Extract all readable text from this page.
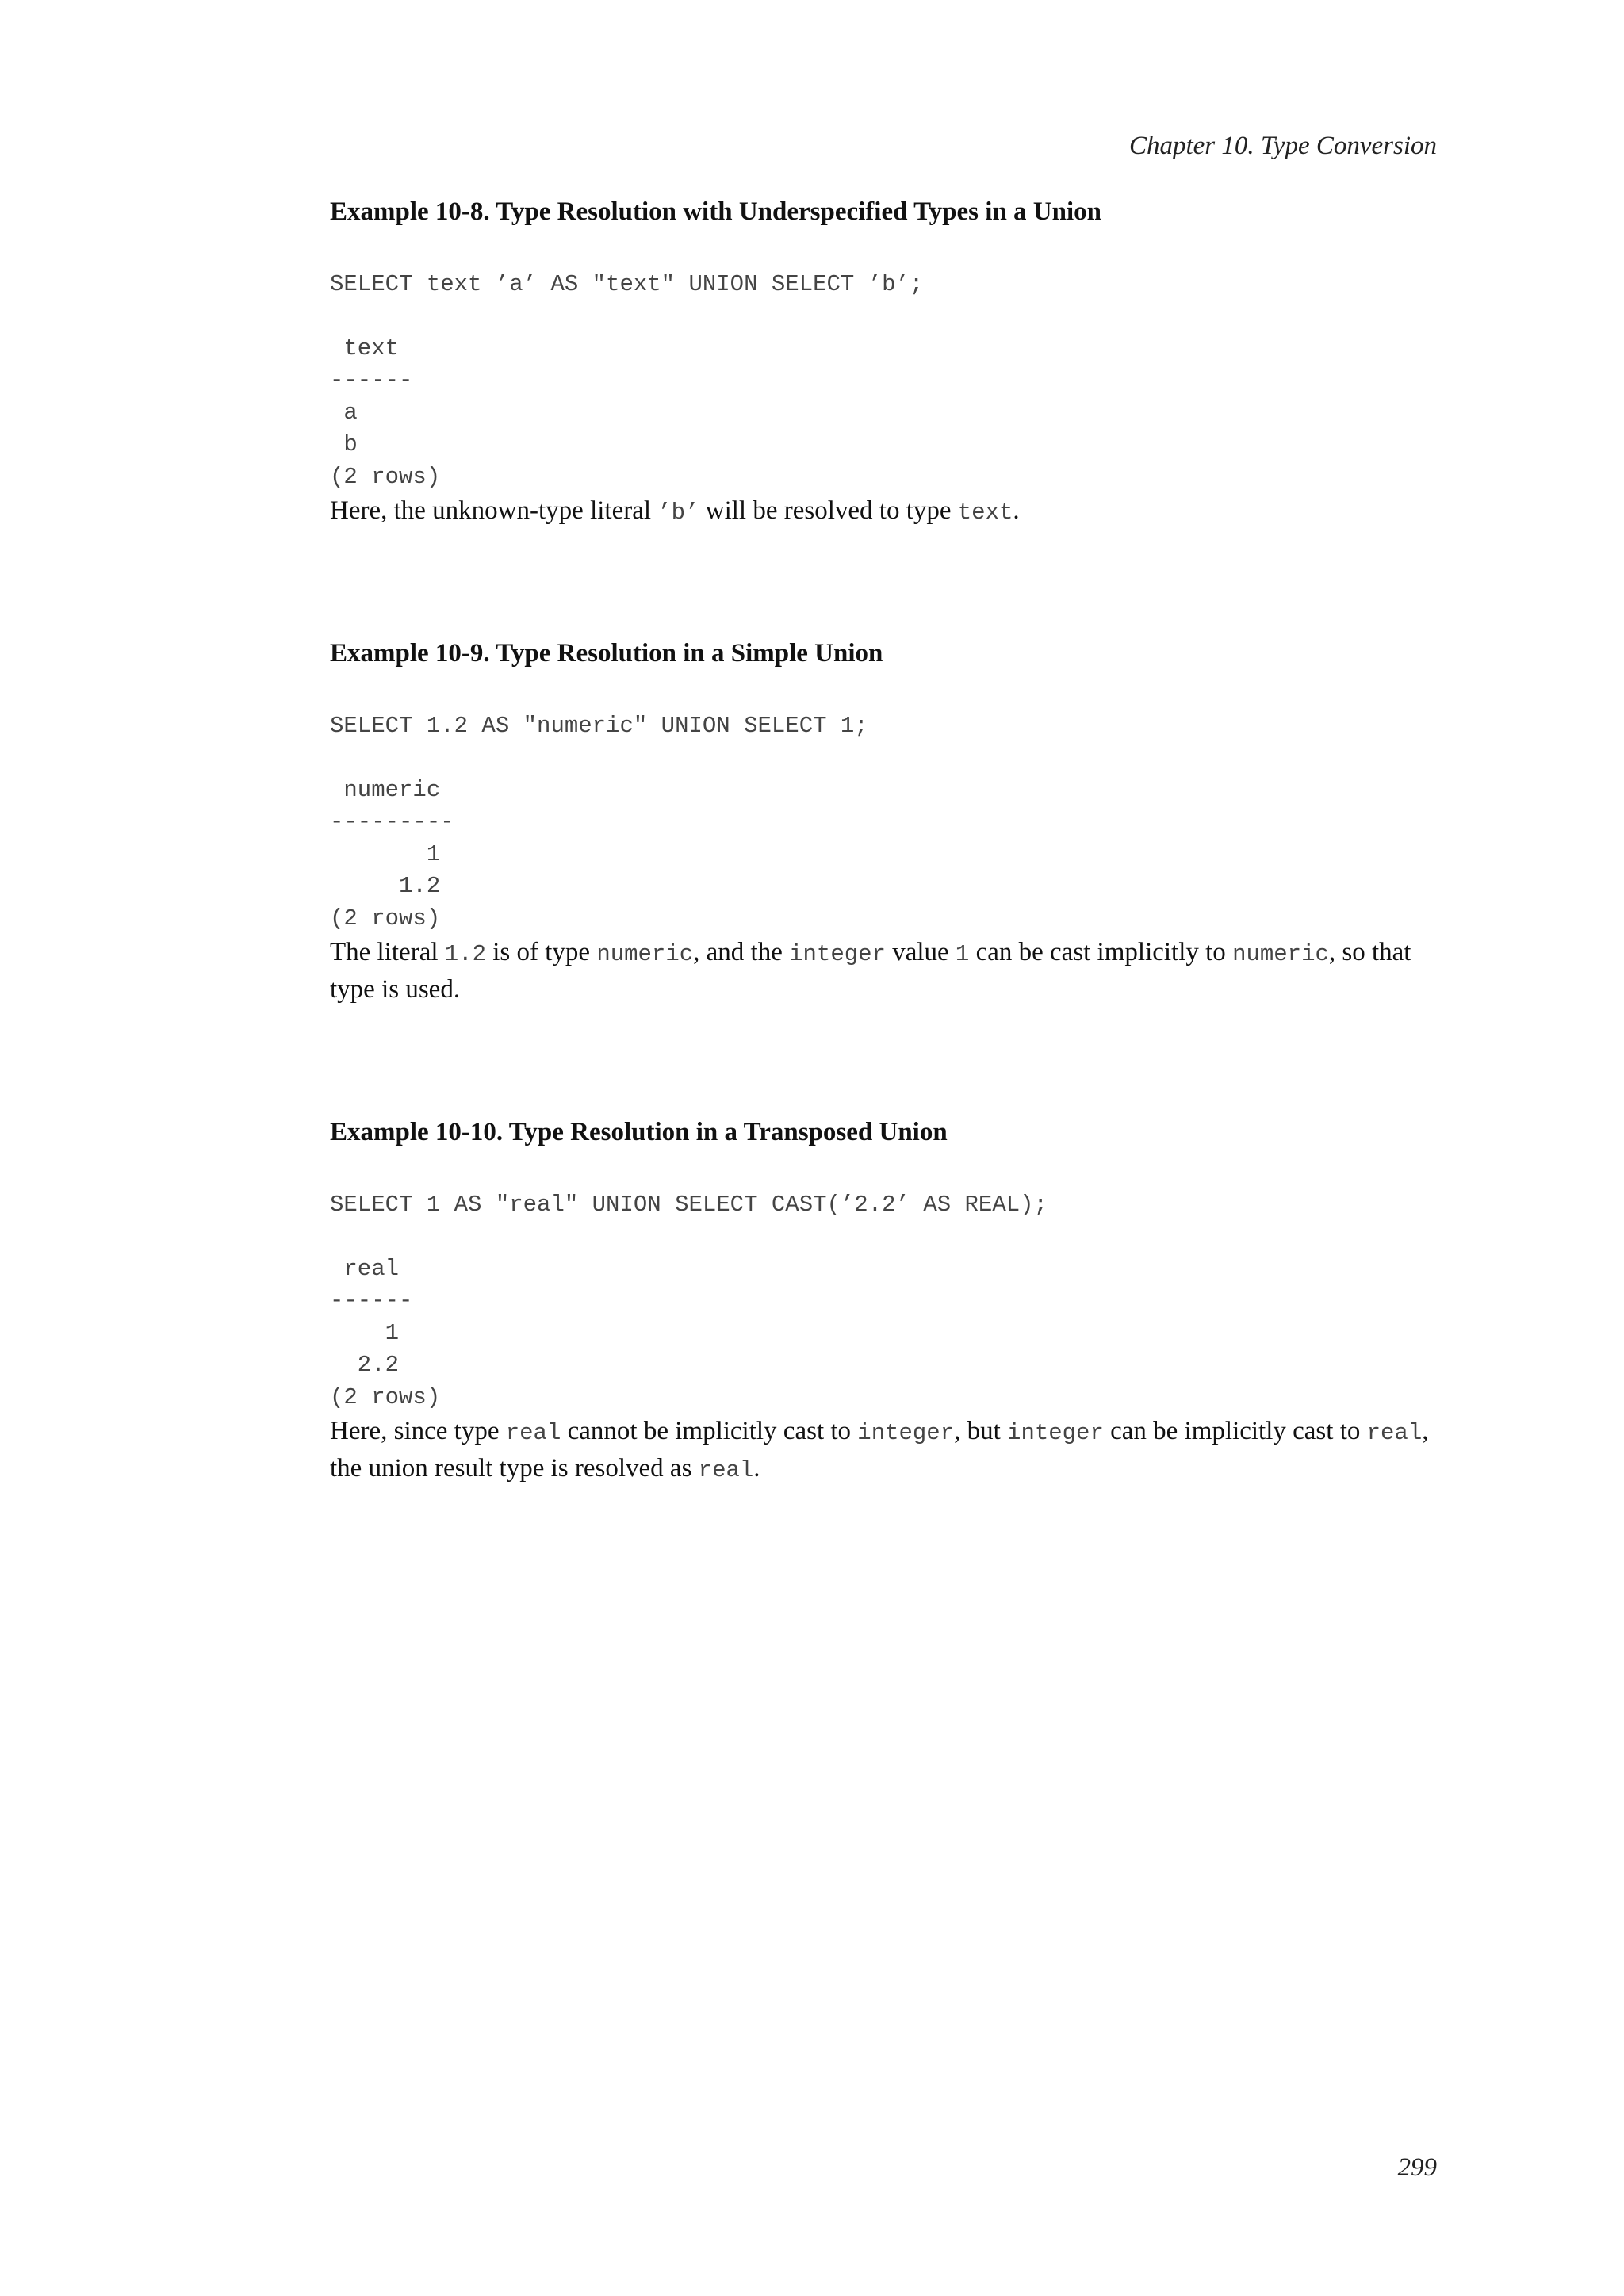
Chapter 10. Type Conversion
Example 10-8. Type Resolution with Underspecified Types in a Union
SELECT text ’a’ AS "text" UNION SELECT ’b’;
text
------
a
b
(2 rows)

Here, the unknown-type literal ’b’ will be resolved to type text.

Example 10-9. Type Resolution in a Simple Union
SELECT 1.2 AS "numeric" UNION SELECT 1;
numeric
---------
1
1.2
(2 rows)

The literal 1.2 is of type numeric, and the integer value 1 can be cast implicitly to numeric, so that type is used.

Example 10-10. Type Resolution in a Transposed Union
SELECT 1 AS "real" UNION SELECT CAST(’2.2’ AS REAL);
real
------
1
2.2
(2 rows)

Here, since type real cannot be implicitly cast to integer, but integer can be implicitly cast to real, the union result type is resolved as real.

299
